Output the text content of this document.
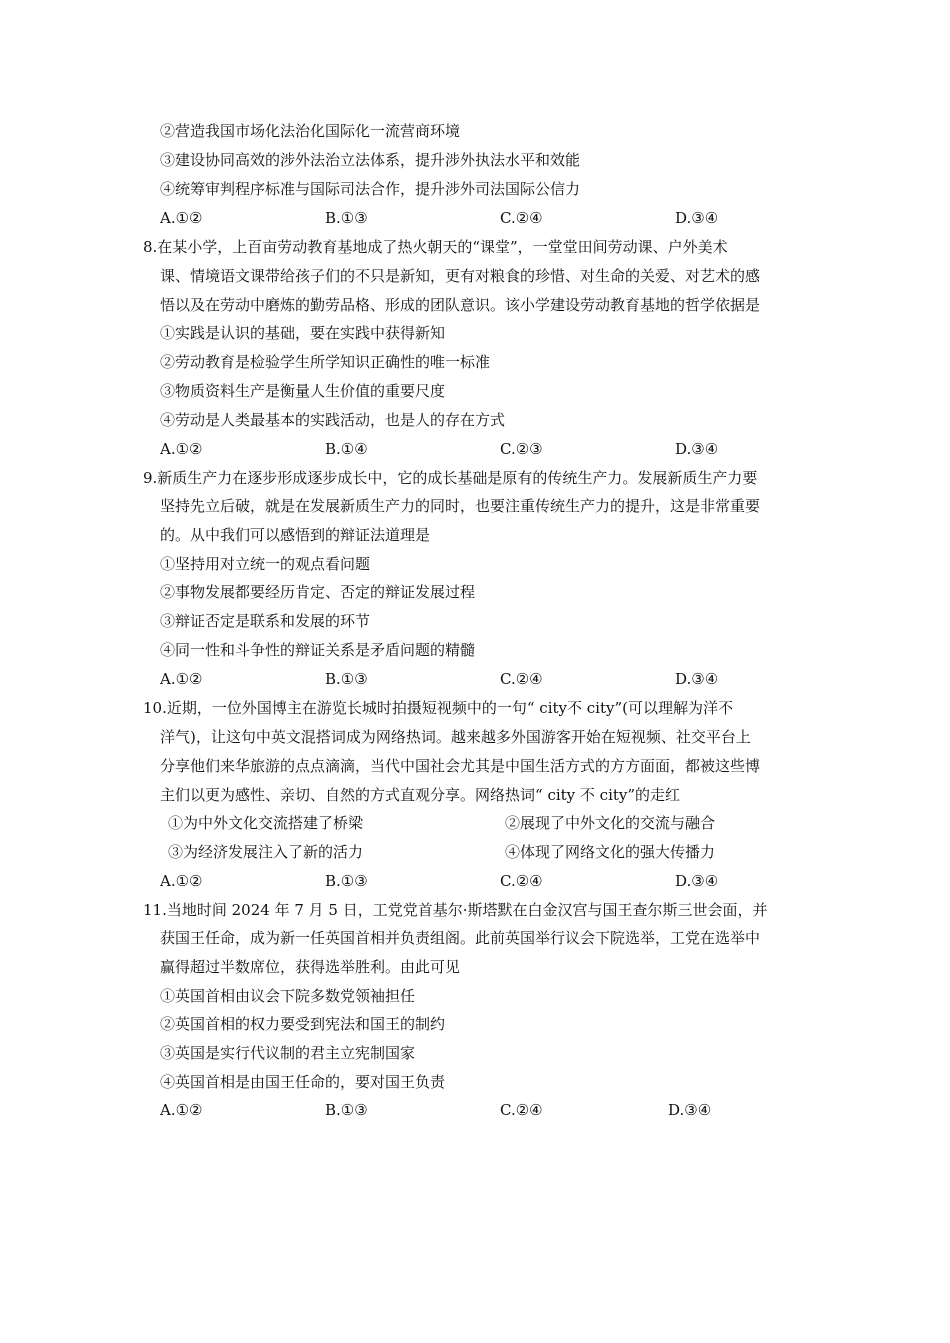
②营造我国市场化法治化国际化一流营商环境
③建设协同高效的涉外法治立法体系，提升涉外执法水平和效能
④统筹审判程序标准与国际司法合作，提升涉外司法国际公信力
A.①②	B.①③	C.②④	D.③④
8.在某小学，上百亩劳动教育基地成了热火朝天的“课堂”，一堂堂田间劳动课、户外美术
课、情境语文课带给孩子们的不只是新知，更有对粮食的珍惜、对生命的关爱、对艺术的感
悟以及在劳动中磨炼的勤劳品格、形成的团队意识。该小学建设劳动教育基地的哲学依据是
①实践是认识的基础，要在实践中获得新知
②劳动教育是检验学生所学知识正确性的唯一标准
③物质资料生产是衡量人生价值的重要尺度
④劳动是人类最基本的实践活动，也是人的存在方式
A.①②	B.①④	C.②③	D.③④
9.新质生产力在逐步形成逐步成长中，它的成长基础是原有的传统生产力。发展新质生产力要
坚持先立后破，就是在发展新质生产力的同时，也要注重传统生产力的提升，这是非常重要
的。从中我们可以感悟到的辩证法道理是
①坚持用对立统一的观点看问题
②事物发展都要经历肯定、否定的辩证发展过程
③辩证否定是联系和发展的环节
④同一性和斗争性的辩证关系是矛盾问题的精髓
A.①②	B.①③	C.②④	D.③④
10.近期，一位外国博主在游览长城时拍摄短视频中的一句“ city不 city”(可以理解为洋不
洋气)，让这句中英文混搭词成为网络热词。越来越多外国游客开始在短视频、社交平台上
分享他们来华旅游的点点滴滴，当代中国社会尤其是中国生活方式的方方面面，都被这些博
主们以更为感性、亲切、自然的方式直观分享。网络热词“ city 不 city”的走红
①为中外文化交流搭建了桥梁	②展现了中外文化的交流与融合
③为经济发展注入了新的活力	④体现了网络文化的强大传播力
A.①②	B.①③	C.②④	D.③④
11.当地时间 2024 年 7 月 5 日，工党党首基尔·斯塔默在白金汉宫与国王查尔斯三世会面，并
获国王任命，成为新一任英国首相并负责组阁。此前英国举行议会下院选举，工党在选举中
赢得超过半数席位，获得选举胜利。由此可见
①英国首相由议会下院多数党领袖担任
②英国首相的权力要受到宪法和国王的制约
③英国是实行代议制的君主立宪制国家
④英国首相是由国王任命的，要对国王负责
A.①②	B.①③	C.②④	D.③④
